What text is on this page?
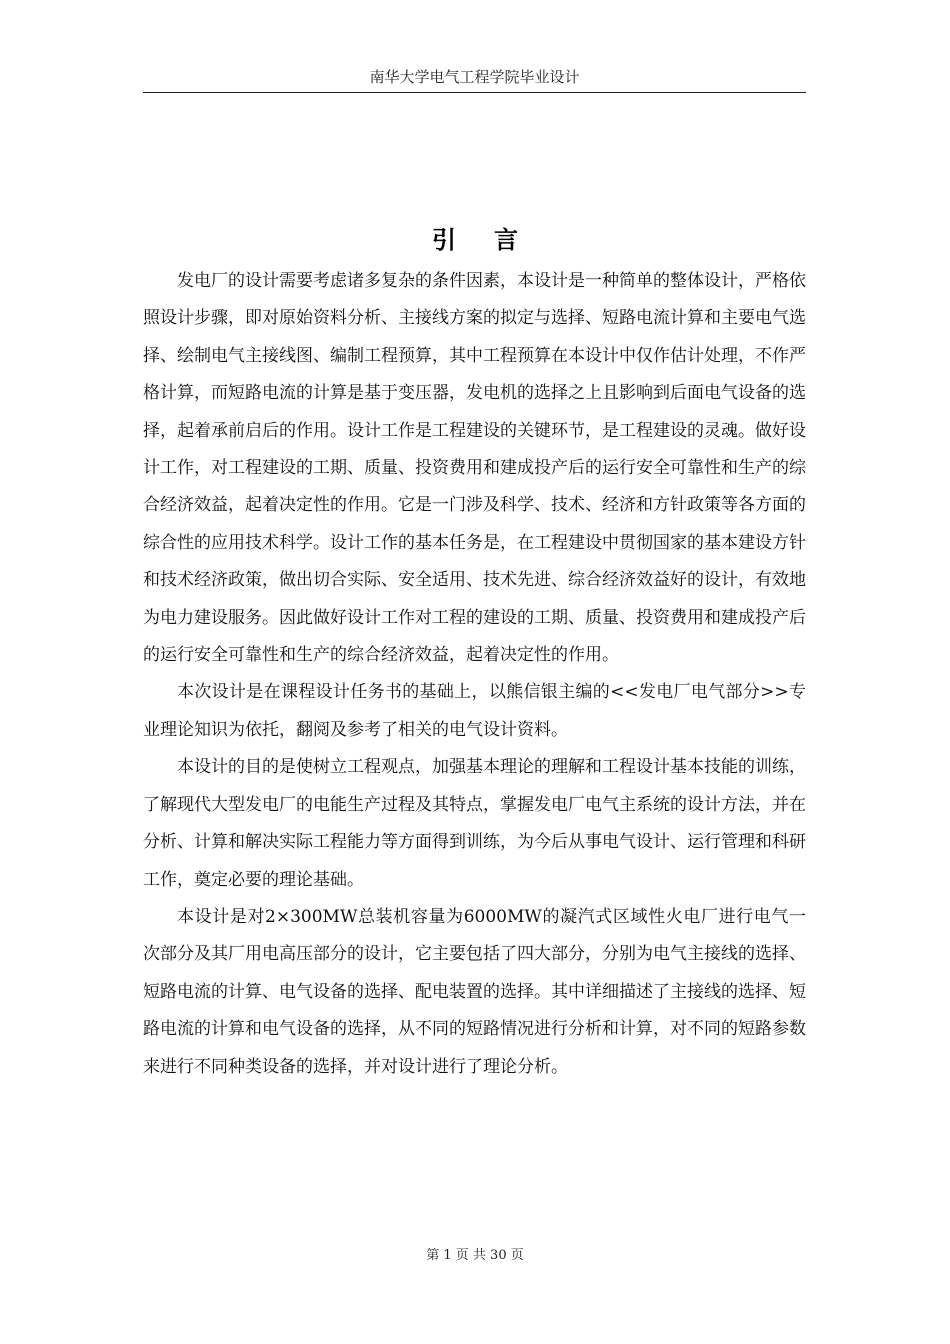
南华大学电气工程学院毕业设计
引言

发电厂的设计需要考虑诸多复杂的条件因素，本设计是一种简单的整体设计，严格依照设计步骤，即对原始资料分析、主接线方案的拟定与选择、短路电流计算和主要电气选择、绘制电气主接线图、编制工程预算，其中工程预算在本设计中仅作估计处理，不作严格计算，而短路电流的计算是基于变压器，发电机的选择之上且影响到后面电气设备的选择，起着承前启后的作用。设计工作是工程建设的关键环节，是工程建设的灵魂。做好设计工作，对工程建设的工期、质量、投资费用和建成投产后的运行安全可靠性和生产的综合经济效益，起着决定性的作用。它是一门涉及科学、技术、经济和方针政策等各方面的综合性的应用技术科学。设计工作的基本任务是，在工程建设中贯彻国家的基本建设方针和技术经济政策，做出切合实际、安全适用、技术先进、综合经济效益好的设计，有效地为电力建设服务。因此做好设计工作对工程的建设的工期、质量、投资费用和建成投产后的运行安全可靠性和生产的综合经济效益，起着决定性的作用。

本次设计是在课程设计任务书的基础上，以熊信银主编的<<发电厂电气部分>>专业理论知识为依托，翻阅及参考了相关的电气设计资料。

本设计的目的是使树立工程观点，加强基本理论的理解和工程设计基本技能的训练，了解现代大型发电厂的电能生产过程及其特点，掌握发电厂电气主系统的设计方法，并在分析、计算和解决实际工程能力等方面得到训练，为今后从事电气设计、运行管理和科研工作，奠定必要的理论基础。

本设计是对2×300MW总装机容量为6000MW的凝汽式区域性火电厂进行电气一次部分及其厂用电高压部分的设计，它主要包括了四大部分，分别为电气主接线的选择、短路电流的计算、电气设备的选择、配电装置的选择。其中详细描述了主接线的选择、短路电流的计算和电气设备的选择，从不同的短路情况进行分析和计算，对不同的短路参数来进行不同种类设备的选择，并对设计进行了理论分析。

第 1 页 共 30 页
